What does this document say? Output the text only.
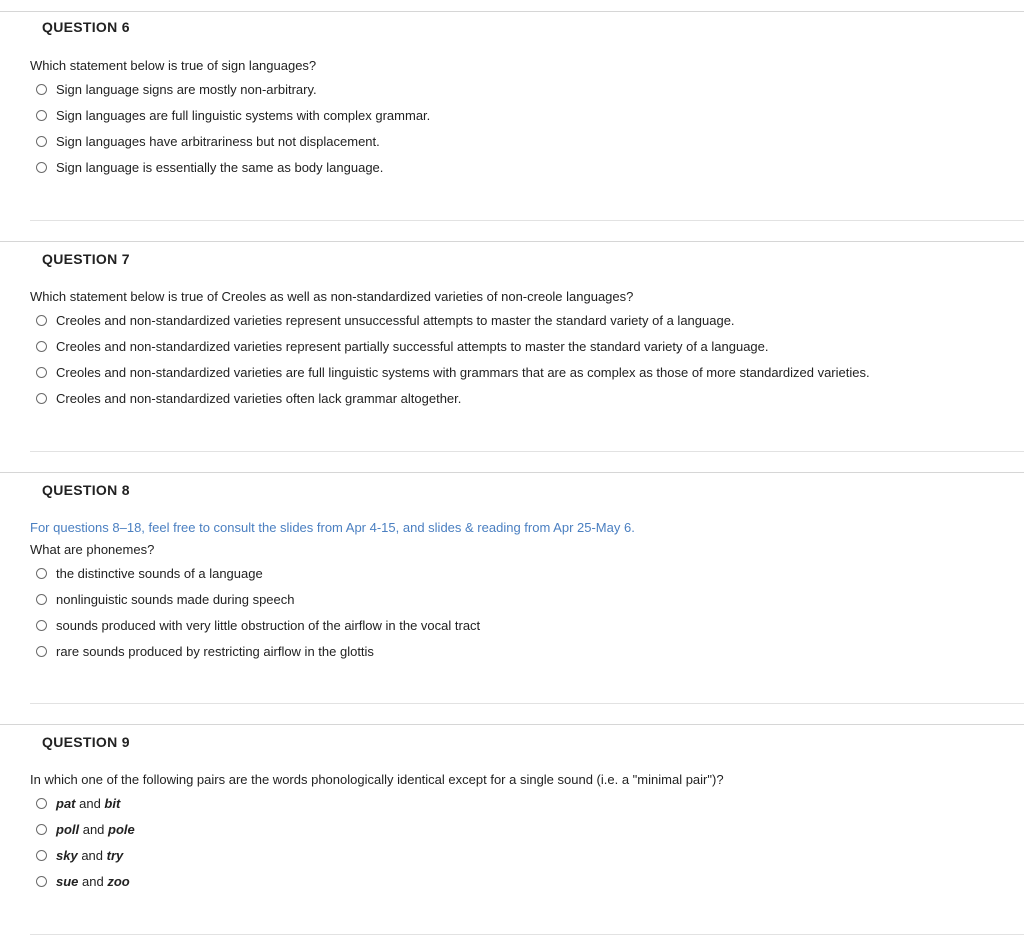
QUESTION 6
Which statement below is true of sign languages?
Sign language signs are mostly non-arbitrary.
Sign languages are full linguistic systems with complex grammar.
Sign languages have arbitrariness but not displacement.
Sign language is essentially the same as body language.
QUESTION 7
Which statement below is true of Creoles as well as non-standardized varieties of non-creole languages?
Creoles and non-standardized varieties represent unsuccessful attempts to master the standard variety of a language.
Creoles and non-standardized varieties represent partially successful attempts to master the standard variety of a language.
Creoles and non-standardized varieties are full linguistic systems with grammars that are as complex as those of more standardized varieties.
Creoles and non-standardized varieties often lack grammar altogether.
QUESTION 8
For questions 8–18, feel free to consult the slides from Apr 4-15, and slides & reading from Apr 25-May 6.
What are phonemes?
the distinctive sounds of a language
nonlinguistic sounds made during speech
sounds produced with very little obstruction of the airflow in the vocal tract
rare sounds produced by restricting airflow in the glottis
QUESTION 9
In which one of the following pairs are the words phonologically identical except for a single sound (i.e. a "minimal pair")?
pat and bit
poll and pole
sky and try
sue and zoo
